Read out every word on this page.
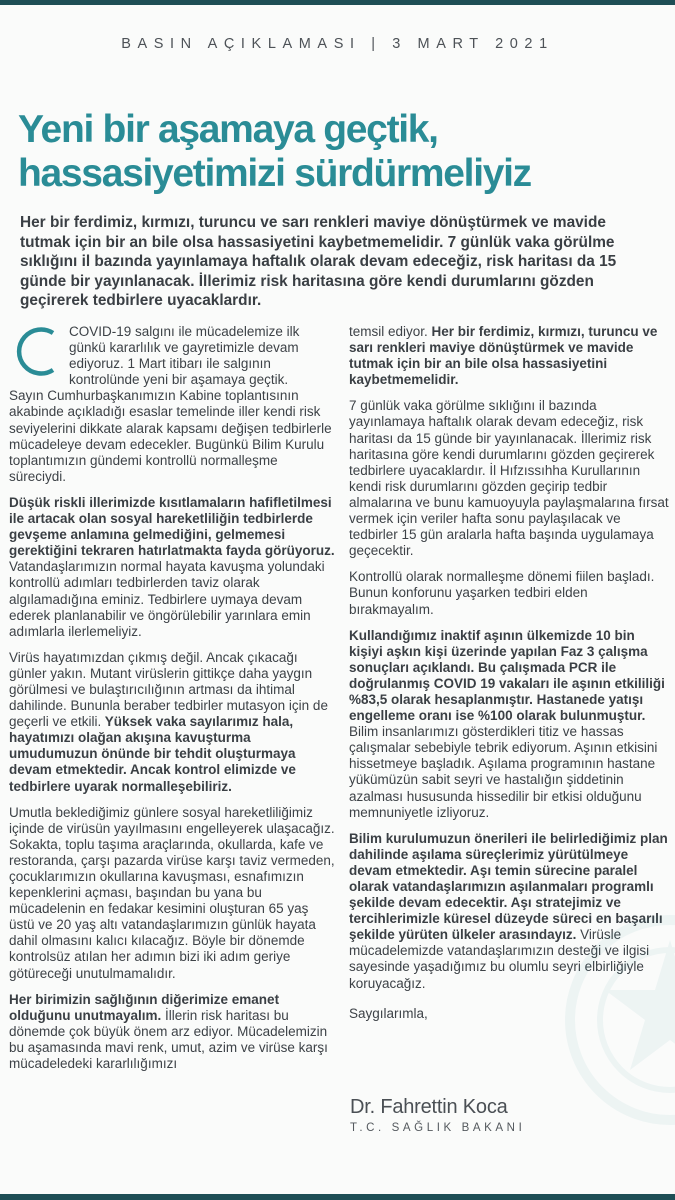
BASIN AÇIKLAMASI | 3 MART 2021
Yeni bir aşamaya geçtik,
hassasiyetimizi sürdürmeliyiz
Her bir ferdimiz, kırmızı, turuncu ve sarı renkleri maviye dönüştürmek ve mavide tutmak için bir an bile olsa hassasiyetini kaybetmemelidir. 7 günlük vaka görülme sıklığını il bazında yayınlamaya haftalık olarak devam edeceğiz, risk haritası da 15 günde bir yayınlanacak. İllerimiz risk haritasına göre kendi durumlarını gözden geçirerek tedbirlere uyacaklardır.

COVID-19 salgını ile mücadelemize ilk
günkü kararlılık ve gayretimizle devam
ediyoruz. 1 Mart itibarı ile salgının
kontrolünde yeni bir aşamaya geçtik.
Sayın Cumhurbaşkanımızın Kabine toplantısının akabinde açıkladığı esaslar temelinde iller kendi risk seviyelerini dikkate alarak kapsamı değişen tedbirlerle mücadeleye devam edecekler. Bugünkü Bilim Kurulu toplantımızın gündemi kontrollü normalleşme süreciydi.

Düşük riskli illerimizde kısıtlamaların hafifletilmesi ile artacak olan sosyal hareketliliğin tedbirlerde gevşeme anlamına gelmediğini, gelmemesi gerektiğini tekraren hatırlatmakta fayda görüyoruz. Vatandaşlarımızın normal hayata kavuşma yolundaki kontrollü adımları tedbirlerden taviz olarak algılamadığına eminiz. Tedbirlere uymaya devam ederek planlanabilir ve öngörülebilir yarınlara emin adımlarla ilerlemeliyiz.

Virüs hayatımızdan çıkmış değil. Ancak çıkacağı günler yakın. Mutant virüslerin gittikçe daha yaygın görülmesi ve bulaştırıcılığının artması da ihtimal dahilinde. Bununla beraber tedbirler mutasyon için de geçerli ve etkili. Yüksek vaka sayılarımız hala, hayatımızı olağan akışına kavuşturma umudumuzun önünde bir tehdit oluşturmaya devam etmektedir. Ancak kontrol elimizde ve tedbirlere uyarak normalleşebiliriz.

Umutla beklediğimiz günlere sosyal hareketliliğimiz içinde de virüsün yayılmasını engelleyerek ulaşacağız. Sokakta, toplu taşıma araçlarında, okullarda, kafe ve restoranda, çarşı pazarda virüse karşı taviz vermeden, çocuklarımızın okullarına kavuşması, esnafımızın kepenklerini açması, başından bu yana bu mücadelenin en fedakar kesimini oluşturan 65 yaş üstü ve 20 yaş altı vatandaşlarımızın günlük hayata dahil olmasını kalıcı kılacağız. Böyle bir dönemde kontrolsüz atılan her adımın bizi iki adım geriye götüreceği unutulmamalıdır.

Her birimizin sağlığının diğerimize emanet olduğunu unutmayalım. İllerin risk haritası bu dönemde çok büyük önem arz ediyor. Mücadelemizin bu aşamasında mavi renk, umut, azim ve virüse karşı mücadeledeki kararlılığımızı

temsil ediyor. Her bir ferdimiz, kırmızı, turuncu ve sarı renkleri maviye dönüştürmek ve mavide tutmak için bir an bile olsa hassasiyetini kaybetmemelidir.

7 günlük vaka görülme sıklığını il bazında yayınlamaya haftalık olarak devam edeceğiz, risk haritası da 15 günde bir yayınlanacak. İllerimiz risk haritasına göre kendi durumlarını gözden geçirerek tedbirlere uyacaklardır. İl Hıfzıssıhha Kurullarının kendi risk durumlarını gözden geçirip tedbir almalarına ve bunu kamuoyuyla paylaşmalarına fırsat vermek için veriler hafta sonu paylaşılacak ve tedbirler 15 gün aralarla hafta başında uygulamaya geçecektir.

Kontrollü olarak normalleşme dönemi fiilen başladı. Bunun konforunu yaşarken tedbiri elden bırakmayalım.

Kullandığımız inaktif aşının ülkemizde 10 bin kişiyi aşkın kişi üzerinde yapılan Faz 3 çalışma sonuçları açıklandı. Bu çalışmada PCR ile doğrulanmış COVID 19 vakaları ile aşının etkililiği %83,5 olarak hesaplanmıştır. Hastanede yatışı engelleme oranı ise %100 olarak bulunmuştur. Bilim insanlarımızı gösterdikleri titiz ve hassas çalışmalar sebebiyle tebrik ediyorum. Aşının etkisini hissetmeye başladık. Aşılama programının hastane yükümüzün sabit seyri ve hastalığın şiddetinin azalması hususunda hissedilir bir etkisi olduğunu memnuniyetle izliyoruz.

Bilim kurulumuzun önerileri ile belirlediğimiz plan dahilinde aşılama süreçlerimiz yürütülmeye devam etmektedir. Aşı temin sürecine paralel olarak vatandaşlarımızın aşılanmaları programlı şekilde devam edecektir. Aşı stratejimiz ve tercihlerimizle küresel düzeyde süreci en başarılı şekilde yürüten ülkeler arasındayız. Virüsle mücadelemizde vatandaşlarımızın desteği ve ilgisi sayesinde yaşadığımız bu olumlu seyri elbirliğiyle koruyacağız.

Saygılarımla,

Dr. Fahrettin Koca
T.C. SAĞLIK BAKANI
